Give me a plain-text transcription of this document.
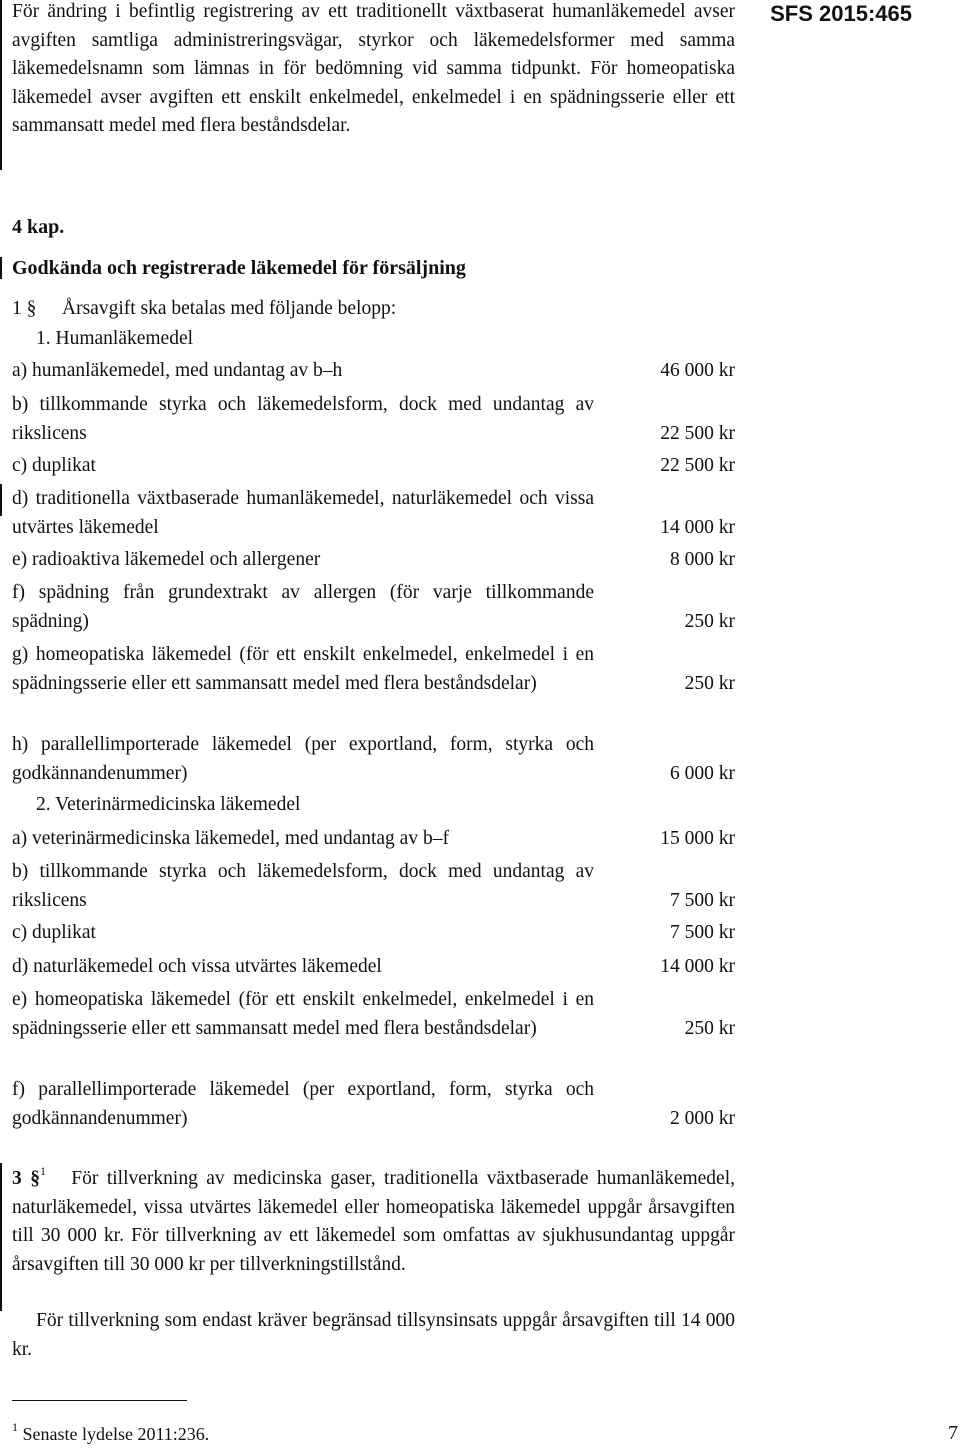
SFS 2015:465
För ändring i befintlig registrering av ett traditionellt växtbaserat humanläkemedel avser avgiften samtliga administreringsvägar, styrkor och läkemedelsformer med samma läkemedelsnamn som lämnas in för bedömning vid samma tidpunkt. För homeopatiska läkemedel avser avgiften ett enskilt enkelmedel, enkelmedel i en spädningsserie eller ett sammansatt medel med flera beståndsdelar.
4 kap.
Godkända och registrerade läkemedel för försäljning
1 § Årsavgift ska betalas med följande belopp:
1. Humanläkemedel
a) humanläkemedel, med undantag av b–h	46 000 kr
b) tillkommande styrka och läkemedelsform, dock med undantag av rikslicens	22 500 kr
c) duplikat	22 500 kr
d) traditionella växtbaserade humanläkemedel, naturläkemedel och vissa utvärtes läkemedel	14 000 kr
e) radioaktiva läkemedel och allergener	8 000 kr
f) spädning från grundextrakt av allergen (för varje tillkommande spädning)	250 kr
g) homeopatiska läkemedel (för ett enskilt enkelmedel, enkelmedel i en spädningsserie eller ett sammansatt medel med flera beståndsdelar)	250 kr
h) parallellimporterade läkemedel (per exportland, form, styrka och godkännandenummer)	6 000 kr
2. Veterinärmedicinska läkemedel
a) veterinärmedicinska läkemedel, med undantag av b–f	15 000 kr
b) tillkommande styrka och läkemedelsform, dock med undantag av rikslicens	7 500 kr
c) duplikat	7 500 kr
d) naturläkemedel och vissa utvärtes läkemedel	14 000 kr
e) homeopatiska läkemedel (för ett enskilt enkelmedel, enkelmedel i en spädningsserie eller ett sammansatt medel med flera beståndsdelar)	250 kr
f) parallellimporterade läkemedel (per exportland, form, styrka och godkännandenummer)	2 000 kr
3 §$^1$ För tillverkning av medicinska gaser, traditionella växtbaserade humanläkemedel, naturläkemedel, vissa utvärtes läkemedel eller homeopatiska läkemedel uppgår årsavgiften till 30 000 kr. För tillverkning av ett läkemedel som omfattas av sjukhusundantag uppgår årsavgiften till 30 000 kr per tillverkningstillstånd.
För tillverkning som endast kräver begränsad tillsynsinsats uppgår årsavgiften till 14 000 kr.
$^1$ Senaste lydelse 2011:236.	7
